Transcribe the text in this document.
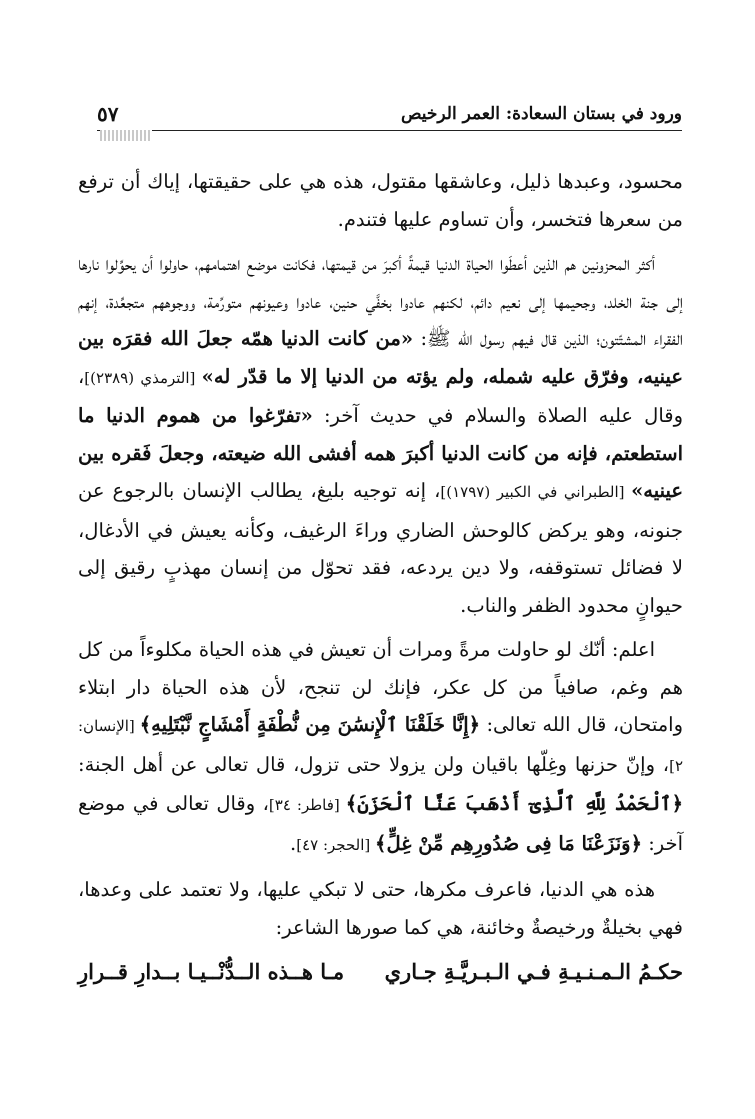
ورود في بستان السعادة: العمر الرخيص
٥٧

محسود، وعبدها ذليل، وعاشقها مقتول، هذه هي على حقيقتها، إياك أن ترفع من سعرها فتخسر، وأن تساوم عليها فتندم.

أكثر المحزونين هم الذين أعطَوا الحياة الدنيا قيمةً أكبرَ من قيمتها، فكانت موضع اهتمامهم، حاولوا أن يحوِّلوا نارها إلى جنة الخلد، وجحيمها إلى نعيم دائم، لكنهم عادوا بخفَّي حنين، عادوا وعيونهم متورِّمة، ووجوههم متجعِّدة، إنهم الفقراء المشتّتون؛ الذين قال فيهم رسول الله ﷺ: «من كانت الدنيا همّه جعلَ الله فقرَه بين عينيه، وفرّق عليه شمله، ولم يؤته من الدنيا إلا ما قدّر له» [الترمذي (٢٣٨٩)]، وقال عليه الصلاة والسلام في حديث آخر: «تفرّغوا من هموم الدنيا ما استطعتم، فإنه من كانت الدنيا أكبرَ همه أفشى الله ضيعته، وجعلَ فَقره بين عينيه» [الطبراني في الكبير (١٧٩٧)]، إنه توجيه بليغ، يطالب الإنسان بالرجوع عن جنونه، وهو يركض كالوحش الضاري وراءَ الرغيف، وكأنه يعيش في الأدغال، لا فضائل تستوقفه، ولا دين يردعه، فقد تحوّل من إنسان مهذبٍ رقيق إلى حيوانٍ محدود الظفر والناب.

اعلم: أنّك لو حاولت مرةً ومرات أن تعيش في هذه الحياة مكلوءاً من كل هم وغم، صافياً من كل عكر، فإنك لن تنجح، لأن هذه الحياة دار ابتلاء وامتحان، قال الله تعالى: ﴿إِنَّا خَلَقْنَا ٱلْإِنسَٰنَ مِن نُّطْفَةٍ أَمْشَاجٍ نَّبْتَلِيهِ﴾ [الإنسان: ٢]، وإنّ حزنها وغِلّها باقيان ولن يزولا حتى تزول، قال تعالى عن أهل الجنة: ﴿ٱلْحَمْدُ لِلَّهِ ٱلَّذِىٓ أَذْهَبَ عَنَّا ٱلْحَزَنَ﴾ [فاطر: ٣٤]، وقال تعالى في موضع آخر: ﴿وَنَزَعْنَا مَا فِى صُدُورِهِم مِّنْ غِلٍّ﴾ [الحجر: ٤٧].

هذه هي الدنيا، فاعرف مكرها، حتى لا تبكي عليها، ولا تعتمد على وعدها، فهي بخيلةٌ ورخيصةٌ وخائنة، هي كما صورها الشاعر:

حكـمُ الـمـنـيـةِ فـي الـبـريَّـةِ جـاري
مـا هــذه الــدُّنْــيـا بــدارِ قــرارِ
